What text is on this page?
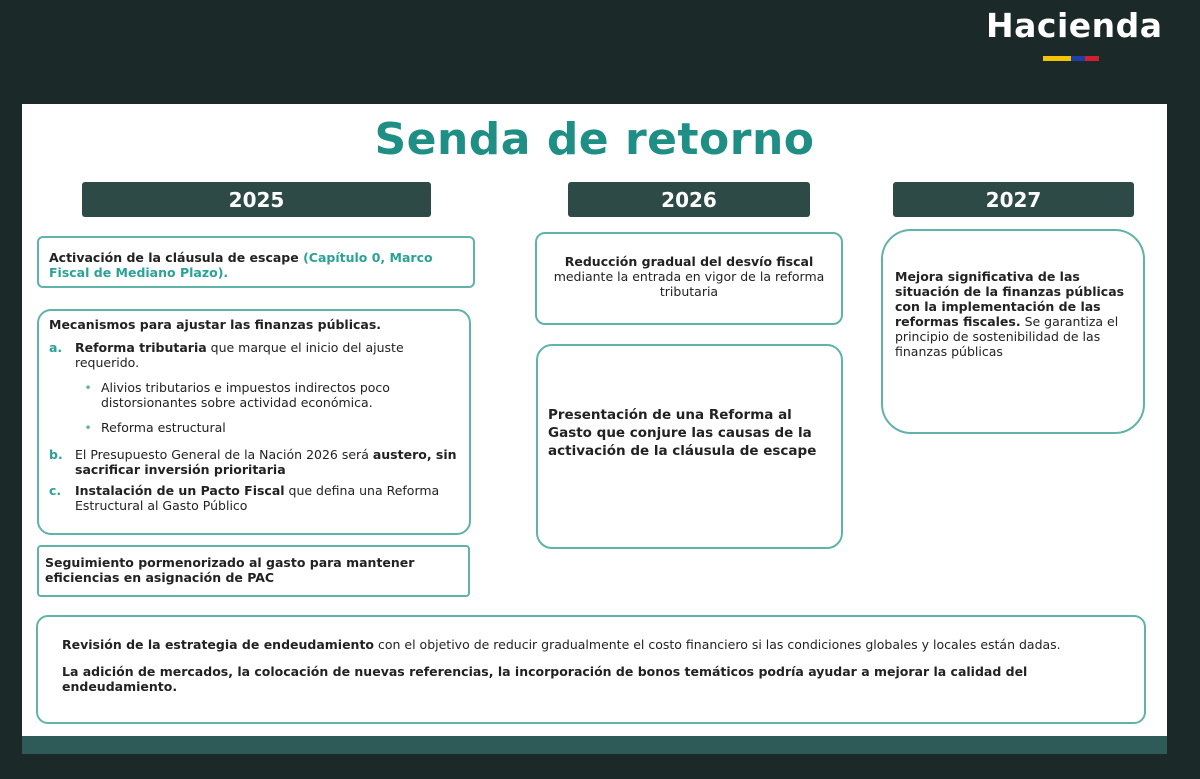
Hacienda
Senda de retorno
2025	2026	2027
Activación de la cláusula de escape (Capítulo 0, Marco Fiscal de Mediano Plazo).

Mecanismos para ajustar las finanzas públicas.

a.	Reforma tributaria que marque el inicio del ajuste requerido.
• Alivios tributarios e impuestos indirectos poco distorsionantes sobre actividad económica.
• Reforma estructural
b. El Presupuesto General de la Nación 2026 será austero, sin sacrificar inversión prioritaria
c.	Instalación de un Pacto Fiscal que defina una Reforma Estructural al Gasto Público
Seguimiento pormenorizado al gasto para mantener eficiencias en asignación de PAC

Reducción gradual del desvío fiscal

mediante la entrada en vigor de la reforma tributaria

Presentación de una Reforma al Gasto que conjure las causas de la activación de la cláusula de escape
Mejora significativa de las situación de la finanzas públicas con la implementación de las reformas fiscales. Se garantiza el principio de sostenibilidad de las finanzas públicas

Revisión de la estrategia de endeudamiento con el objetivo de reducir gradualmente el costo financiero si las condiciones globales y locales están dadas.

La adición de mercados, la colocación de nuevas referencias, la incorporación de bonos temáticos podría ayudar a mejorar la calidad del endeudamiento.
